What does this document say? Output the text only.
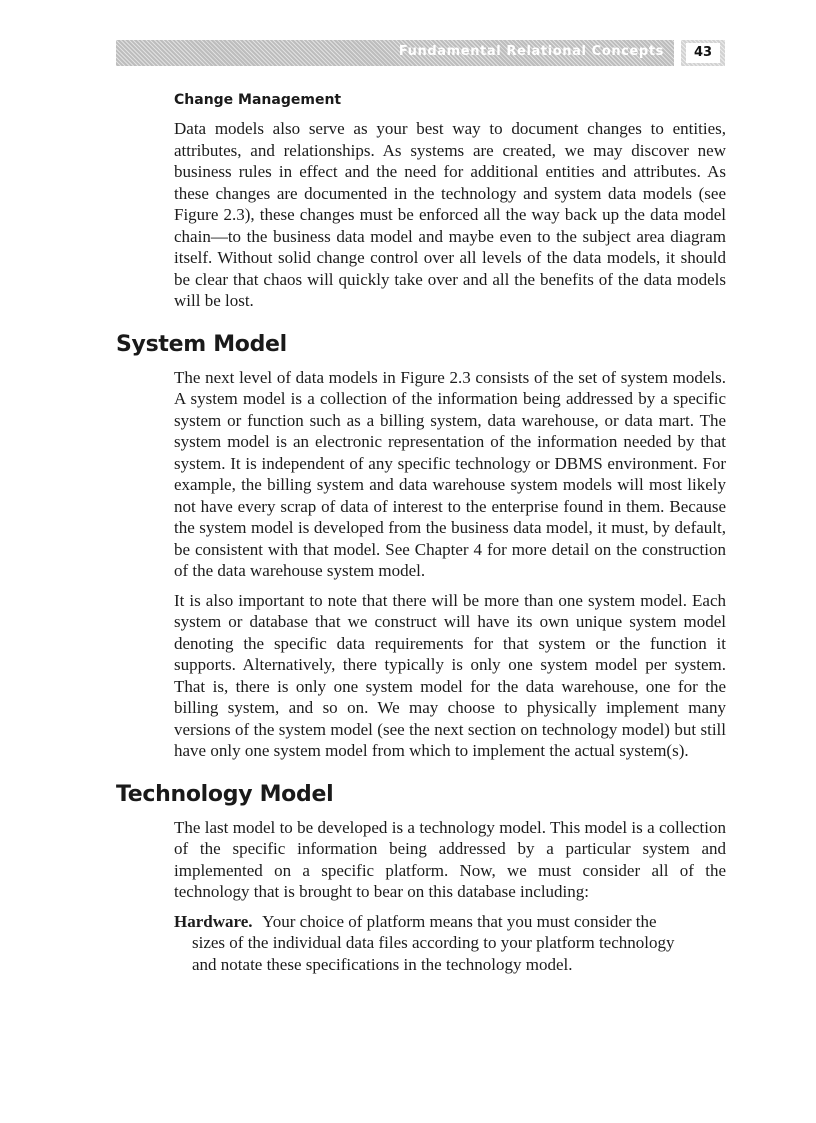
Fundamental Relational Concepts	43
Change Management

Data models also serve as your best way to document changes to entities, attributes, and relationships. As systems are created, we may discover new business rules in effect and the need for additional entities and attributes. As these changes are documented in the technology and system data models (see Figure 2.3), these changes must be enforced all the way back up the data model chain—to the business data model and maybe even to the subject area diagram itself. Without solid change control over all levels of the data models, it should be clear that chaos will quickly take over and all the benefits of the data models will be lost.

System Model

The next level of data models in Figure 2.3 consists of the set of system models. A system model is a collection of the information being addressed by a specific system or function such as a billing system, data warehouse, or data mart. The system model is an electronic representation of the information needed by that system. It is independent of any specific technology or DBMS environment. For example, the billing system and data warehouse system models will most likely not have every scrap of data of interest to the enterprise found in them. Because the system model is developed from the business data model, it must, by default, be consistent with that model. See Chapter 4 for more detail on the construction of the data warehouse system model.

It is also important to note that there will be more than one system model. Each system or database that we construct will have its own unique system model denoting the specific data requirements for that system or the function it supports. Alternatively, there typically is only one system model per system. That is, there is only one system model for the data warehouse, one for the billing system, and so on. We may choose to physically implement many versions of the system model (see the next section on technology model) but still have only one system model from which to implement the actual system(s).

Technology Model

The last model to be developed is a technology model. This model is a collection of the specific information being addressed by a particular system and implemented on a specific platform. Now, we must consider all of the technology that is brought to bear on this database including:

Hardware. Your choice of platform means that you must consider the sizes of the individual data files according to your platform technology and notate these specifications in the technology model.
